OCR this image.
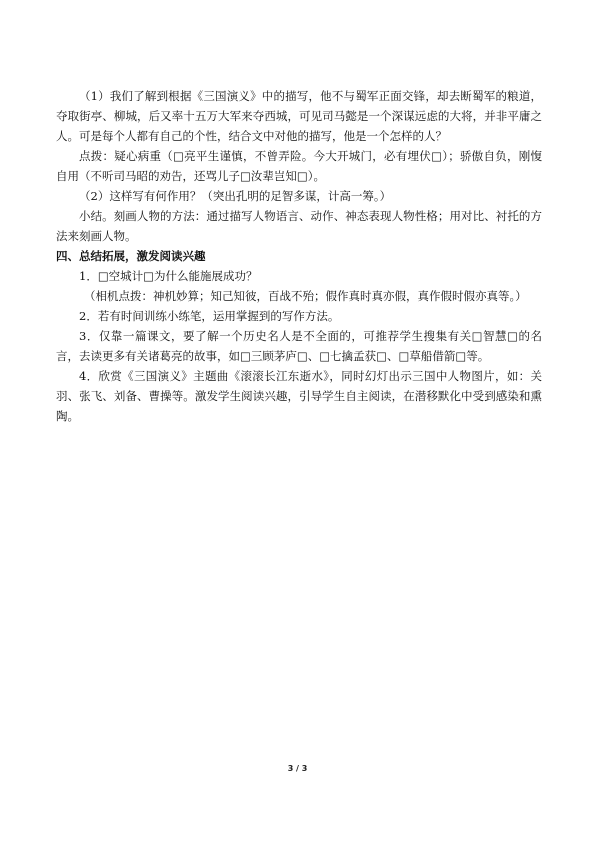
（1）我们了解到根据《三国演义》中的描写，他不与蜀军正面交锋，却去断蜀军的粮道，夺取街亭、柳城，后又率十五万大军来夺西城，可见司马懿是一个深谋远虑的大将，并非平庸之人。可是每个人都有自己的个性，结合文中对他的描写，他是一个怎样的人？

点拨：疑心病重（□亮平生谨慎，不曾弄险。今大开城门，必有埋伏□）；骄傲自负，刚愎自用（不听司马昭的劝告，还骂儿子□汝辈岂知□）。

（2）这样写有何作用？（突出孔明的足智多谋，计高一筹。）

小结。刻画人物的方法：通过描写人物语言、动作、神态表现人物性格；用对比、衬托的方法来刻画人物。

四、总结拓展，激发阅读兴趣

1．□空城计□为什么能施展成功？

（相机点拨：神机妙算；知己知彼，百战不殆；假作真时真亦假，真作假时假亦真等。）

2．若有时间训练小练笔，运用掌握到的写作方法。

3．仅靠一篇课文，要了解一个历史名人是不全面的，可推荐学生搜集有关□智慧□的名言，去读更多有关诸葛亮的故事，如□三顾茅庐□、□七擒孟获□、□草船借箭□等。

4．欣赏《三国演义》主题曲《滚滚长江东逝水》，同时幻灯出示三国中人物图片，如：关羽、张飞、刘备、曹操等。激发学生阅读兴趣，引导学生自主阅读，在潜移默化中受到感染和熏陶。

3 / 3
